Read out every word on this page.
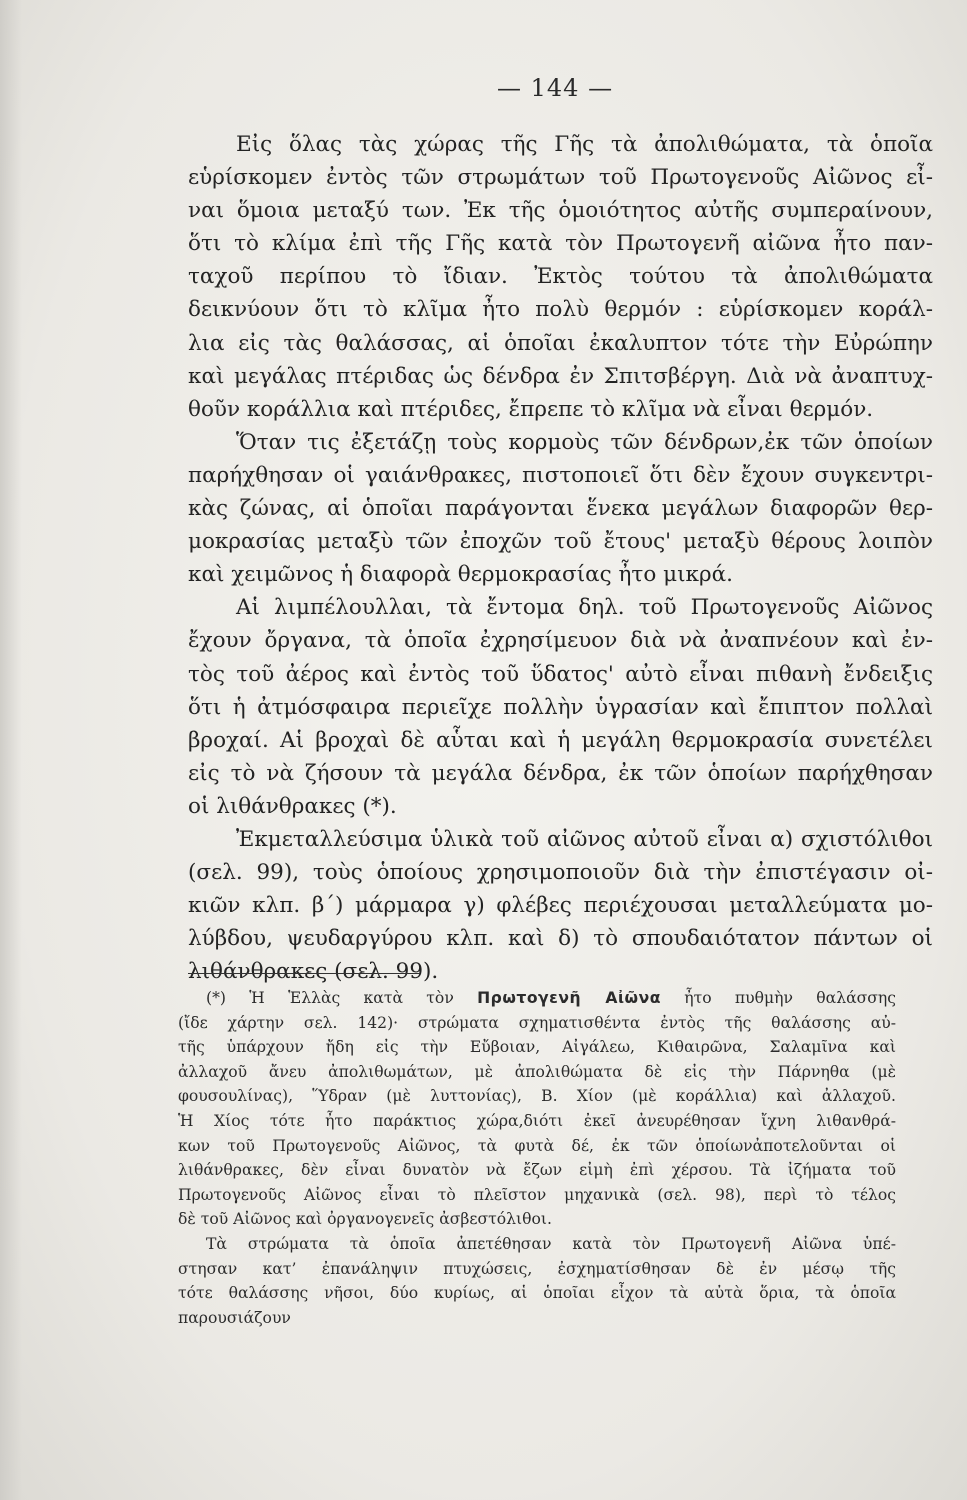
— 144 —
Εἰς ὅλας τὰς χώρας τῆς Γῆς τὰ ἀπολιθώματα, τὰ ὁποῖα
εὑρίσκομεν ἐντὸς τῶν στρωμάτων τοῦ Πρωτογενοῦς Αἰῶνος εἶ-
ναι ὅμοια μεταξύ των. Ἐκ τῆς ὁμοιότητος αὐτῆς συμπεραίνουν,
ὅτι τὸ κλίμα ἐπὶ τῆς Γῆς κατὰ τὸν Πρωτογενῆ αἰῶνα ἦτο παν-
ταχοῦ περίπου τὸ ἴδιαν. Ἐκτὸς τούτου τὰ ἀπολιθώματα
δεικνύουν ὅτι τὸ κλῖμα ἦτο πολὺ θερμόν : εὑρίσκομεν κοράλ-
λια εἰς τὰς θαλάσσας, αἱ ὁποῖαι ἐκαλυπτον τότε τὴν Εὐρώπην
καὶ μεγάλας πτέριδας ὡς δένδρα ἐν Σπιτσβέργη. Διὰ νὰ ἀναπτυχ-
θοῦν κοράλλια καὶ πτέριδες, ἔπρεπε τὸ κλῖμα νὰ εἶναι θερμόν.
Ὅταν τις ἐξετάζῃ τοὺς κορμοὺς τῶν δένδρων,ἐκ τῶν ὁποίων
παρήχθησαν οἱ γαιάνθρακες, πιστοποιεῖ ὅτι δὲν ἔχουν συγκεντρι-
κὰς ζώνας, αἱ ὁποῖαι παράγονται ἕνεκα μεγάλων διαφορῶν θερ-
μοκρασίας μεταξὺ τῶν ἐποχῶν τοῦ ἔτους' μεταξὺ θέρους λοιπὸν
καὶ χειμῶνος ἡ διαφορὰ θερμοκρασίας ἦτο μικρά.
Αἱ λιμπέλουλλαι, τὰ ἔντομα δηλ. τοῦ Πρωτογενοῦς Αἰῶνος
ἔχουν ὄργανα, τὰ ὁποῖα ἐχρησίμευον διὰ νὰ ἀναπνέουν καὶ ἐν-
τὸς τοῦ ἀέρος καὶ ἐντὸς τοῦ ὕδατος' αὐτὸ εἶναι πιθανὴ ἔνδειξις
ὅτι ἡ ἀτμόσφαιρα περιεῖχε πολλὴν ὑγρασίαν καὶ ἔπιπτον πολλαὶ
βροχαί. Αἱ βροχαὶ δὲ αὗται καὶ ἡ μεγάλη θερμοκρασία συνετέλει
εἰς τὸ νὰ ζήσουν τὰ μεγάλα δένδρα, ἐκ τῶν ὁποίων παρήχθησαν
οἱ λιθάνθρακες (*).
Ἐκμεταλλεύσιμα ὑλικὰ τοῦ αἰῶνος αὐτοῦ εἶναι α) σχιστόλιθοι
(σελ. 99), τοὺς ὁποίους χρησιμοποιοῦν διὰ τὴν ἐπιστέγασιν οἰ-
κιῶν κλπ. β΄) μάρμαρα γ) φλέβες περιέχουσαι μεταλλεύματα μο-
λύβδου, ψευδαργύρου κλπ. καὶ δ) τὸ σπουδαιότατον πάντων οἱ
λιθάνθρακες (σελ. 99).
(*) Ἡ Ἑλλὰς κατὰ τὸν Πρωτογενῆ Αἰῶνα ἦτο πυθμὴν θαλάσσης
(ἴδε χάρτην σελ. 142)· στρώματα σχηματισθέντα ἐντὸς τῆς θαλάσσης αὐ-
τῆς ὑπάρχουν ἤδη εἰς τὴν Εὔβοιαν, Αἰγάλεω, Κιθαιρῶνα, Σαλαμῖνα καὶ
ἀλλαχοῦ ἄνευ ἀπολιθωμάτων, μὲ ἀπολιθώματα δὲ εἰς τὴν Πάρνηθα (μὲ
φουσουλίνας), Ὕδραν (μὲ λυττονίας), Β. Χίον (μὲ κοράλλια) καὶ ἀλλαχοῦ.
Ἡ Χίος τότε ἦτο παράκτιος χώρα,διότι ἐκεῖ ἀνευρέθησαν ἴχνη λιθανθρά-
κων τοῦ Πρωτογενοῦς Αἰῶνος, τὰ φυτὰ δέ, ἐκ τῶν ὁποίωνἀποτελοῦνται οἱ
λιθάνθρακες, δὲν εἶναι δυνατὸν νὰ ἔζων εἰμὴ ἐπὶ χέρσου. Τὰ ἰζήματα τοῦ
Πρωτογενοῦς Αἰῶνος εἶναι τὸ πλεῖστον μηχανικὰ (σελ. 98), περὶ τὸ τέλος
δὲ τοῦ Αἰῶνος καὶ ὀργανογενεῖς ἀσβεστόλιθοι.
Τὰ στρώματα τὰ ὁποῖα ἀπετέθησαν κατὰ τὸν Πρωτογενῆ Αἰῶνα ὑπέ-
στησαν κατ’ ἐπανάληψιν πτυχώσεις, ἐσχηματίσθησαν δὲ ἐν μέσῳ τῆς
τότε θαλάσσης νῆσοι, δύο κυρίως, αἱ ὁποῖαι εἶχον τὰ αὐτὰ ὅρια, τὰ ὁποῖα
παρουσιάζουν
